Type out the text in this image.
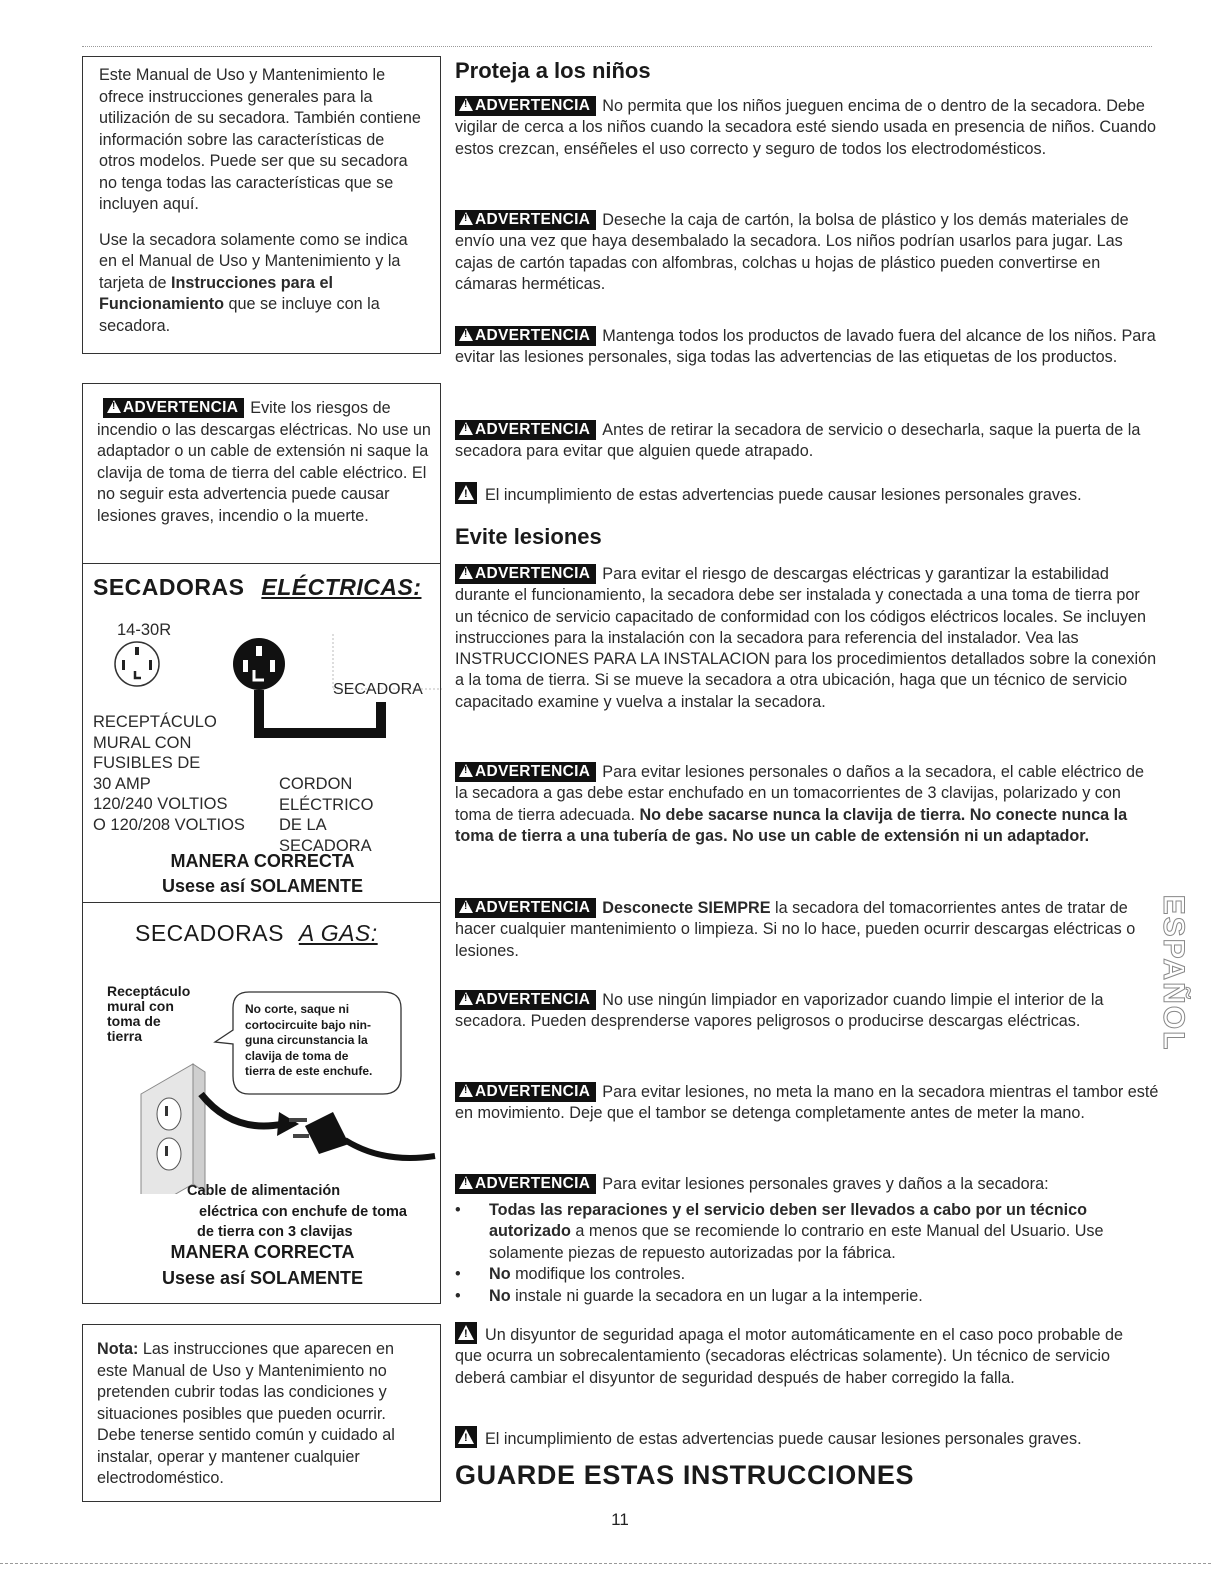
Este Manual de Uso y Mantenimiento le ofrece instrucciones generales para la utilización de su secadora. También contiene información sobre las características de otros modelos. Puede ser que su secadora no tenga todas las características que se incluyen aquí.

Use la secadora solamente como se indica en el Manual de Uso y Mantenimiento y la tarjeta de Instrucciones para el Funcionamiento que se incluye con la secadora.

!ADVERTENCIA Evite los riesgos de incendio o las descargas eléctricas. No use un adaptador o un cable de extensión ni saque la clavija de toma de tierra del cable eléctrico. El no seguir esta advertencia puede causar lesiones graves, incendio o la muerte.
SECADORAS ELÉCTRICAS:
14-30R
SECADORA
RECEPTÁCULO
MURAL CON
FUSIBLES DE
30 AMP
120/240 VOLTIOS
O 120/208 VOLTIOS
CORDON
ELÉCTRICO
DE LA
SECADORA
MANERA CORRECTA
Usese así SOLAMENTE
SECADORAS A GAS:
Receptáculo
mural con
toma de
tierra
No corte, saque ni
cortocircuite bajo nin-
guna circunstancia la
clavija de toma de
tierra de este enchufe.
Cable de alimentación
eléctrica con enchufe de toma
de tierra con 3 clavijas
MANERA CORRECTA
Usese así SOLAMENTE

Nota: Las instrucciones que aparecen en este Manual de Uso y Mantenimiento no pretenden cubrir todas las condiciones y situaciones posibles que pueden ocurrir. Debe tenerse sentido común y cuidado al instalar, operar y mantener cualquier electrodoméstico.

Proteja a los niños

!ADVERTENCIA No permita que los niños jueguen encima de o dentro de la secadora. Debe vigilar de cerca a los niños cuando la secadora esté siendo usada en presencia de niños. Cuando estos crezcan, enséñeles el uso correcto y seguro de todos los electrodomésticos.

!ADVERTENCIA Deseche la caja de cartón, la bolsa de plástico y los demás materiales de envío una vez que haya desembalado la secadora. Los niños podrían usarlos para jugar. Las cajas de cartón tapadas con alfombras, colchas u hojas de plástico pueden convertirse en cámaras herméticas.

!ADVERTENCIA Mantenga todos los productos de lavado fuera del alcance de los niños. Para evitar las lesiones personales, siga todas las advertencias de las etiquetas de los productos.

!ADVERTENCIA Antes de retirar la secadora de servicio o desecharla, saque la puerta de la secadora para evitar que alguien quede atrapado.

!El incumplimiento de estas advertencias puede causar lesiones personales graves.

Evite lesiones

!ADVERTENCIA Para evitar el riesgo de descargas eléctricas y garantizar la estabilidad durante el funcionamiento, la secadora debe ser instalada y conectada a una toma de tierra por un técnico de servicio capacitado de conformidad con los códigos eléctricos locales. Se incluyen instrucciones para la instalación con la secadora para referencia del instalador. Vea las INSTRUCCIONES PARA LA INSTALACION para los procedimientos detallados sobre la conexión a la toma de tierra. Si se mueve la secadora a otra ubicación, haga que un técnico de servicio capacitado examine y vuelva a instalar la secadora.

!ADVERTENCIA Para evitar lesiones personales o daños a la secadora, el cable eléctrico de la secadora a gas debe estar enchufado en un tomacorrientes de 3 clavijas, polarizado y con toma de tierra adecuada. No debe sacarse nunca la clavija de tierra. No conecte nunca la toma de tierra a una tubería de gas. No use un cable de extensión ni un adaptador.

!ADVERTENCIA Desconecte SIEMPRE la secadora del tomacorrientes antes de tratar de hacer cualquier mantenimiento o limpieza. Si no lo hace, pueden ocurrir descargas eléctricas o lesiones.

!ADVERTENCIA No use ningún limpiador en vaporizador cuando limpie el interior de la secadora. Pueden desprenderse vapores peligrosos o producirse descargas eléctricas.

!ADVERTENCIA Para evitar lesiones, no meta la mano en la secadora mientras el tambor esté en movimiento. Deje que el tambor se detenga completamente antes de meter la mano.

!ADVERTENCIA Para evitar lesiones personales graves y daños a la secadora:

• Todas las reparaciones y el servicio deben ser llevados a cabo por un técnico autorizado a menos que se recomiende lo contrario en este Manual del Usuario. Use solamente piezas de repuesto autorizadas por la fábrica.
• No modifique los controles.
• No instale ni guarde la secadora en un lugar a la intemperie.

!Un disyuntor de seguridad apaga el motor automáticamente en el caso poco probable de que ocurra un sobrecalentamiento (secadoras eléctricas solamente). Un técnico de servicio deberá cambiar el disyuntor de seguridad después de haber corregido la falla.

!El incumplimiento de estas advertencias puede causar lesiones personales graves.

GUARDE ESTAS INSTRUCCIONES
ESPAÑOL
11
